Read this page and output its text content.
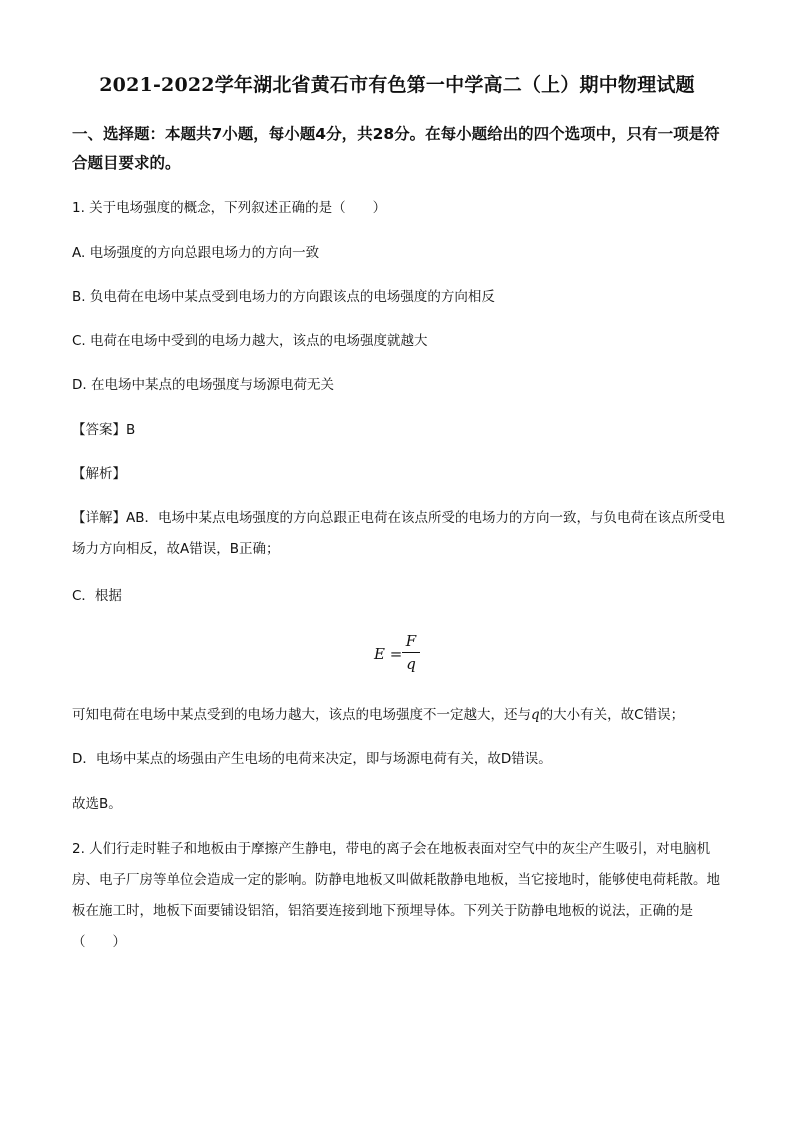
2021-2022学年湖北省黄石市有色第一中学高二（上）期中物理试题
一、选择题：本题共7小题，每小题4分，共28分。在每小题给出的四个选项中，只有一项是符合题目要求的。
1. 关于电场强度的概念，下列叙述正确的是（　　）
A. 电场强度的方向总跟电场力的方向一致
B. 负电荷在电场中某点受到电场力的方向跟该点的电场强度的方向相反
C. 电荷在电场中受到的电场力越大，该点的电场强度就越大
D. 在电场中某点的电场强度与场源电荷无关
【答案】B
【解析】
【详解】AB．电场中某点电场强度的方向总跟正电荷在该点所受的电场力的方向一致，与负电荷在该点所受电场力方向相反，故A错误，B正确；
C．根据
E =
F
q
可知电荷在电场中某点受到的电场力越大，该点的电场强度不一定越大，还与q的大小有关，故C错误；
D．电场中某点的场强由产生电场的电荷来决定，即与场源电荷有关，故D错误。
故选B。
2. 人们行走时鞋子和地板由于摩擦产生静电，带电的离子会在地板表面对空气中的灰尘产生吸引，对电脑机房、电子厂房等单位会造成一定的影响。防静电地板又叫做耗散静电地板，当它接地时，能够使电荷耗散。地板在施工时，地板下面要铺设铝箔，铝箔要连接到地下预埋导体。下列关于防静电地板的说法，正确的是（　　）
